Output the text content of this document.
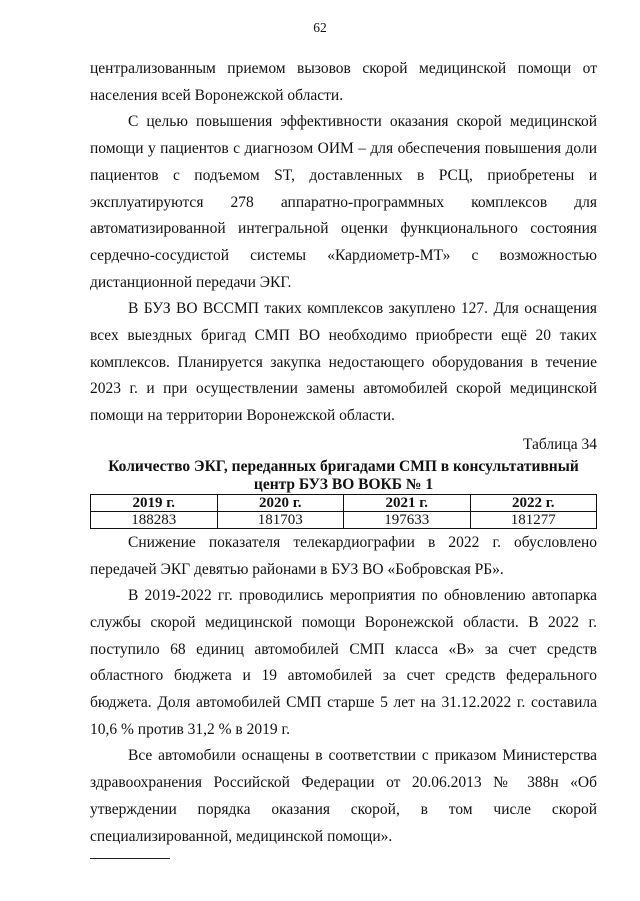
62

централизованным приемом вызовов скорой медицинской помощи от населения всей Воронежской области.

С целью повышения эффективности оказания скорой медицинской помощи у пациентов с диагнозом ОИМ – для обеспечения повышения доли пациентов с подъемом ST, доставленных в РСЦ, приобретены и эксплуатируются 278 аппаратно-программных комплексов для автоматизированной интегральной оценки функционального состояния сердечно-сосудистой системы «Кардиометр-МТ» с возможностью дистанционной передачи ЭКГ.

В БУЗ ВО ВССМП таких комплексов закуплено 127. Для оснащения всех выездных бригад СМП ВО необходимо приобрести ещё 20 таких комплексов. Планируется закупка недостающего оборудования в течение 2023 г. и при осуществлении замены автомобилей скорой медицинской помощи на территории Воронежской области.

Таблица 34
Количество ЭКГ, переданных бригадами СМП в консультативный центр БУЗ ВО ВОКБ № 1
2019 г.	2020 г.	2021 г.	2022 г.
188283	181703	197633	181277

Снижение показателя телекардиографии в 2022 г. обусловлено передачей ЭКГ девятью районами в БУЗ ВО «Бобровская РБ».

В 2019-2022 гг. проводились мероприятия по обновлению автопарка службы скорой медицинской помощи Воронежской области. В 2022 г. поступило 68 единиц автомобилей СМП класса «В» за счет средств областного бюджета и 19 автомобилей за счет средств федерального бюджета. Доля автомобилей СМП старше 5 лет на 31.12.2022 г. составила 10,6 % против 31,2 % в 2019 г.

Все автомобили оснащены в соответствии с приказом Министерства здравоохранения Российской Федерации от 20.06.2013 № 388н «Об утверждении порядка оказания скорой, в том числе скорой специализированной, медицинской помощи».
